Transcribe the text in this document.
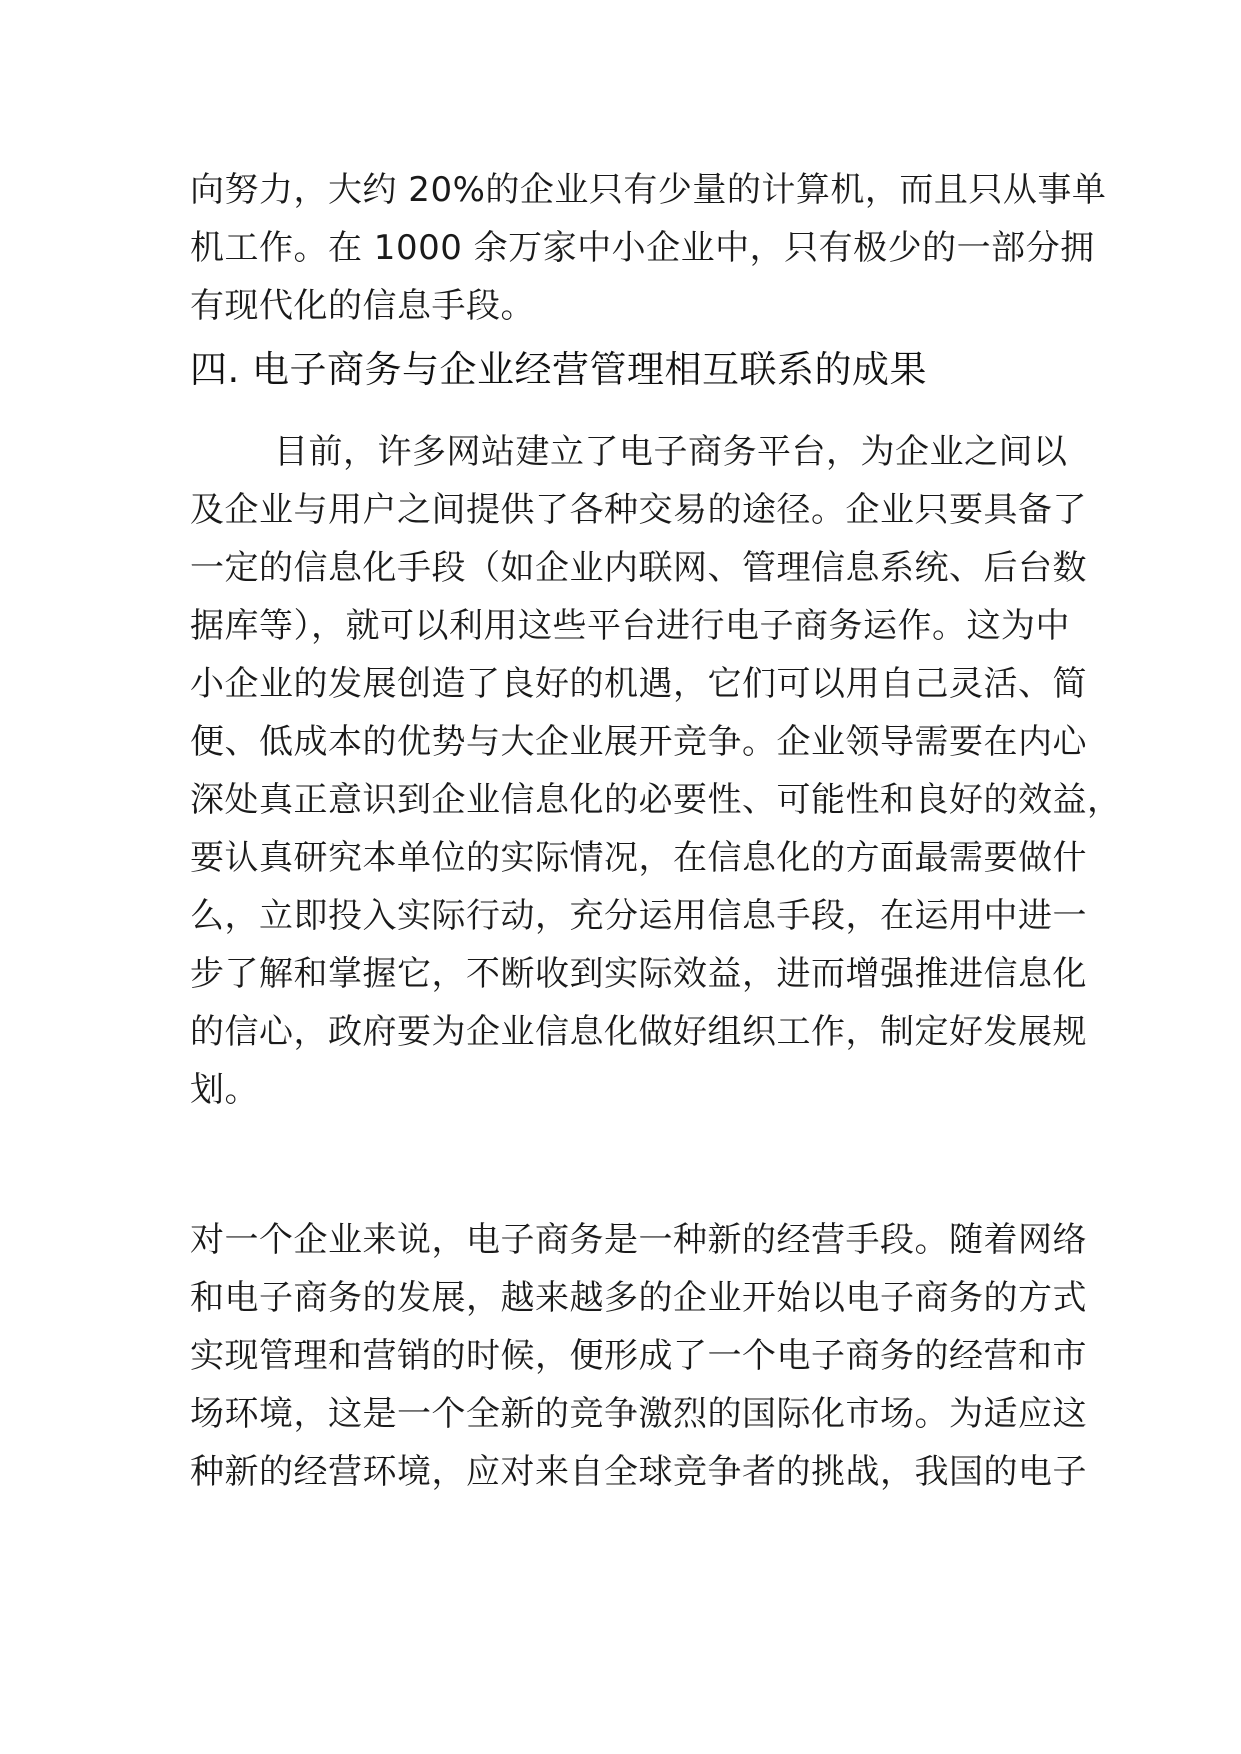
向努力，大约 20%的企业只有少量的计算机，而且只从事单
机工作。在 1000 余万家中小企业中，只有极少的一部分拥
有现代化的信息手段。
四. 电子商务与企业经营管理相互联系的成果
目前，许多网站建立了电子商务平台，为企业之间以
及企业与用户之间提供了各种交易的途径。企业只要具备了
一定的信息化手段（如企业内联网、管理信息系统、后台数
据库等），就可以利用这些平台进行电子商务运作。这为中
小企业的发展创造了良好的机遇，它们可以用自己灵活、简
便、低成本的优势与大企业展开竞争。企业领导需要在内心
深处真正意识到企业信息化的必要性、可能性和良好的效益，
要认真研究本单位的实际情况，在信息化的方面最需要做什
么，立即投入实际行动，充分运用信息手段，在运用中进一
步了解和掌握它，不断收到实际效益，进而增强推进信息化
的信心，政府要为企业信息化做好组织工作，制定好发展规
划。
对一个企业来说，电子商务是一种新的经营手段。随着网络
和电子商务的发展，越来越多的企业开始以电子商务的方式
实现管理和营销的时候，便形成了一个电子商务的经营和市
场环境，这是一个全新的竞争激烈的国际化市场。为适应这
种新的经营环境，应对来自全球竞争者的挑战，我国的电子
